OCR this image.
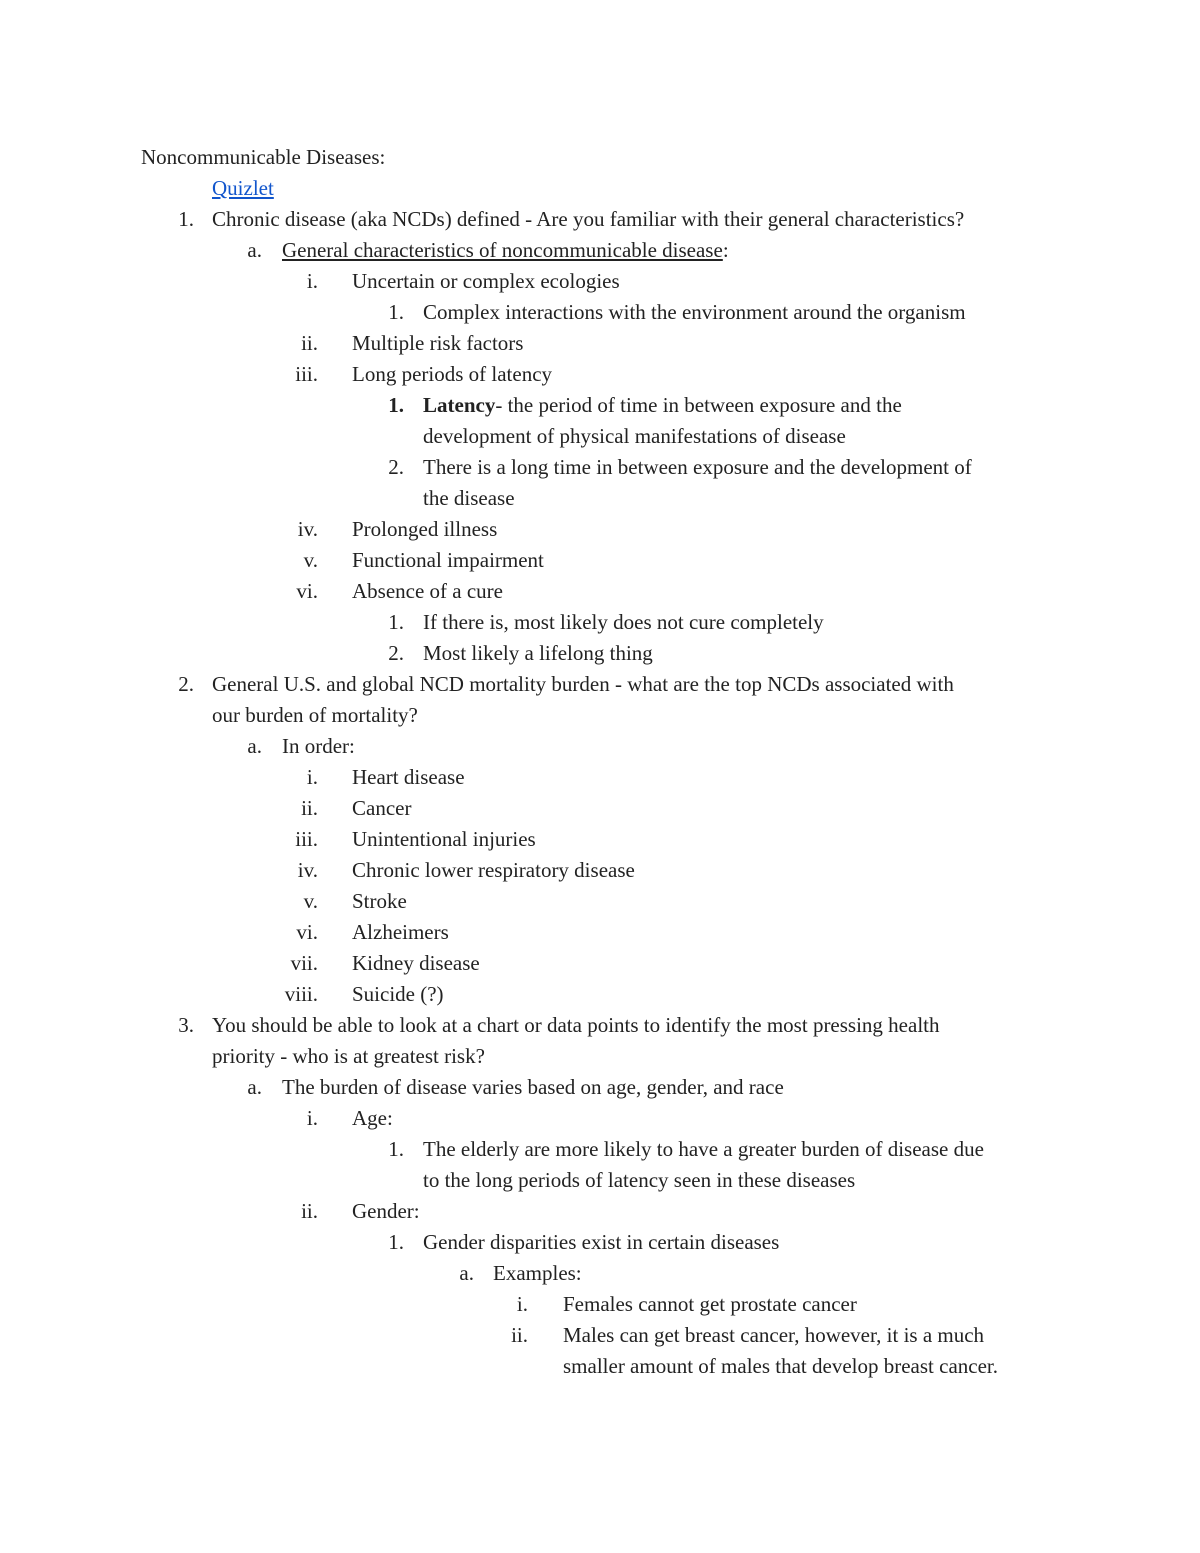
Noncommunicable Diseases:
Quizlet
1. Chronic disease (aka NCDs) defined - Are you familiar with their general characteristics?
a. General characteristics of noncommunicable disease:
i. Uncertain or complex ecologies
1. Complex interactions with the environment around the organism
ii. Multiple risk factors
iii. Long periods of latency
1. Latency- the period of time in between exposure and the
development of physical manifestations of disease
2. There is a long time in between exposure and the development of
the disease
iv. Prolonged illness
v. Functional impairment
vi. Absence of a cure
1. If there is, most likely does not cure completely
2. Most likely a lifelong thing
2. General U.S. and global NCD mortality burden - what are the top NCDs associated with
our burden of mortality?
a. In order:
i. Heart disease
ii. Cancer
iii. Unintentional injuries
iv. Chronic lower respiratory disease
v. Stroke
vi. Alzheimers
vii. Kidney disease
viii. Suicide (?)
3. You should be able to look at a chart or data points to identify the most pressing health
priority - who is at greatest risk?
a. The burden of disease varies based on age, gender, and race
i. Age:
1. The elderly are more likely to have a greater burden of disease due
to the long periods of latency seen in these diseases
ii. Gender:
1. Gender disparities exist in certain diseases
a. Examples:
i. Females cannot get prostate cancer
ii. Males can get breast cancer, however, it is a much
smaller amount of males that develop breast cancer.
